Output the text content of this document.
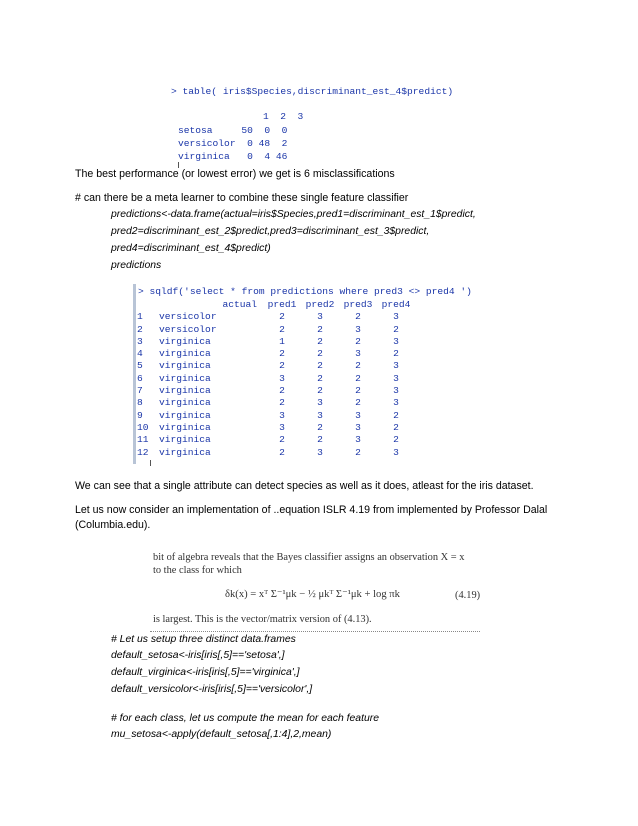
> table( iris$Species,discriminant_est_4$predict)
1  2  3
setosa     50  0  0
versicolor  0 48  2
virginica   0  4 46
The best performance (or lowest error) we get is 6 misclassifications
# can there be a meta learner to combine these single feature classifier
predictions<-data.frame(actual=iris$Species,pred1=discriminant_est_1$predict,
pred2=discriminant_est_2$predict,pred3=discriminant_est_3$predict,
pred4=discriminant_est_4$predict)
predictions
> sqldf('select * from predictions where pred3 <> pred4 ')
	actual	pred1	pred2	pred3	pred4
1	versicolor	2	3	2	3
2	versicolor	2	2	3	2
3	virginica	1	2	2	3
4	virginica	2	2	3	2
5	virginica	2	2	2	3
6	virginica	3	2	2	3
7	virginica	2	2	2	3
8	virginica	2	3	2	3
9	virginica	3	3	3	2
10	virginica	3	2	3	2
11	virginica	2	2	3	2
12	virginica	2	3	2	3
We can see that a single attribute can detect species as well as it does, atleast for the iris dataset.
Let us now consider an implementation of ..equation ISLR 4.19 from implemented by Professor Dalal
(Columbia.edu).
bit of algebra reveals that the Bayes classifier assigns an observation X = x
to the class for which
δk(x) = xᵀ Σ⁻¹μk − ½ μkᵀ Σ⁻¹μk + log πk	(4.19)
is largest. This is the vector/matrix version of (4.13).
# Let us setup three distinct data.frames
default_setosa<-iris[iris[,5]=='setosa',]
default_virginica<-iris[iris[,5]=='virginica',]
default_versicolor<-iris[iris[,5]=='versicolor',]
# for each class, let us compute the mean for each feature
mu_setosa<-apply(default_setosa[,1:4],2,mean)
